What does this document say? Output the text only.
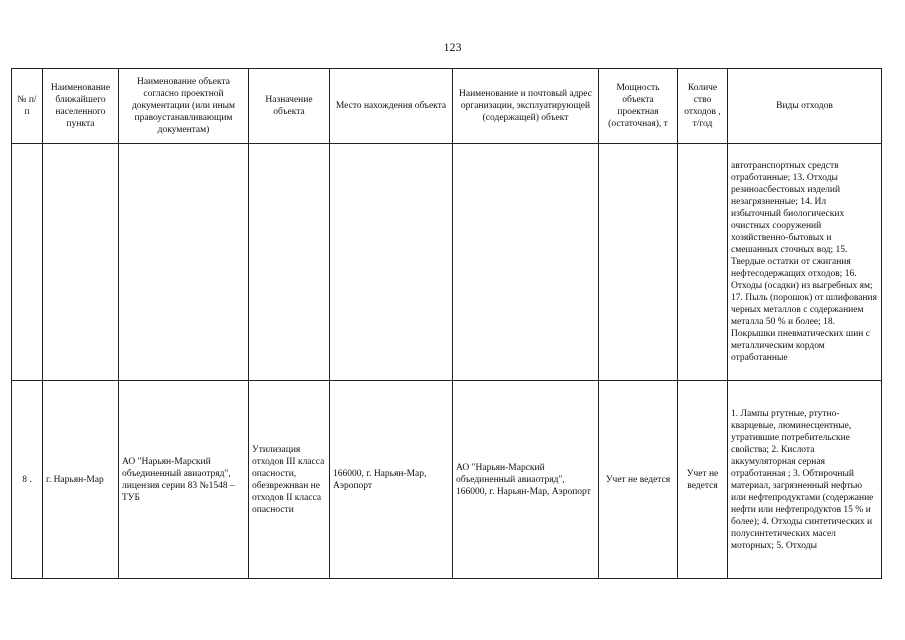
123
№ п/п	Наименование ближайшего населенного пункта	Наименование объекта согласно проектной документации (или иным правоустанавливающим документам)	Назначение объекта	Место нахождения объекта	Наименование и почтовый адрес организации, эксплуатирующей (содержащей) объект	Мощность объекта проектная (остаточная), т	Количе ство отходов , т/год	Виды отходов
								автотранспортных средств отработанные; 13. Отходы резиноасбестовых изделий незагрязненные; 14. Ил избыточный биологических очистных сооружений хозяйственно-бытовых и смешанных сточных вод; 15. Твердые остатки от сжигания нефтесодержащих отходов; 16. Отходы (осадки) из выгребных ям; 17. Пыль (порошок) от шлифования черных металлов с содержанием металла 50 % и более; 18. Покрышки пневматических шин с металлическим кордом отработанные
8 .	г. Нарьян-Мар	АО "Нарьян-Марский объединенный авиаотряд", лицензия серии 83 №1548 – ТУБ	Утилизация отходов III класса опасности, обезврежнван не отходов II класса опасности	166000, г. Нарьян-Мар, Аэропорт	АО "Нарьян-Марский объединенный авиаотряд", 166000, г. Нарьян-Мар, Аэропорт	Учет не ведется	Учет не ведется	1. Лампы ртутные, ртутно-кварцевые, люминесцентные, утратившие потребительские свойства; 2. Кислота аккумуляторная серная отработанная ; 3. Обтирочный материал, загрязненный нефтью или нефтепродуктами (содержание нефти или нефтепродуктов 15 % и более); 4. Отходы синтетических и полусинтетических масел моторных; 5. Отходы
